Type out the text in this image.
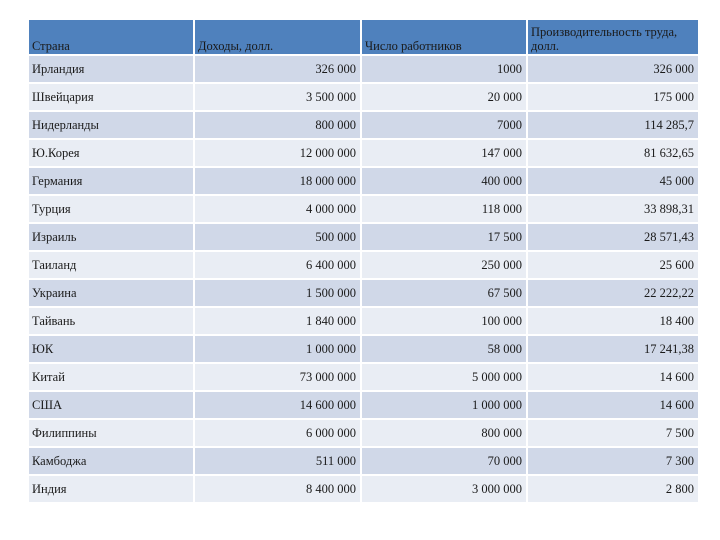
Страна	Доходы, долл.	Число работников	Производительность труда, долл.

Ирландия	326 000	1000	326 000
Швейцария	3 500 000	20 000	175 000
Нидерланды	800 000	7000	114 285,7
Ю.Корея	12 000 000	147 000	81 632,65
Германия	18 000 000	400 000	45 000
Турция	4 000 000	118 000	33 898,31
Израиль	500 000	17 500	28 571,43
Таиланд	6 400 000	250 000	25 600
Украина	1 500 000	67 500	22 222,22
Тайвань	1 840 000	100 000	18 400
ЮК	1 000 000	58 000	17 241,38
Китай	73 000 000	5 000 000	14 600
США	14 600 000	1 000 000	14 600
Филиппины	6 000 000	800 000	7 500
Камбоджа	511 000	70 000	7 300
Индия	8 400 000	3 000 000	2 800
